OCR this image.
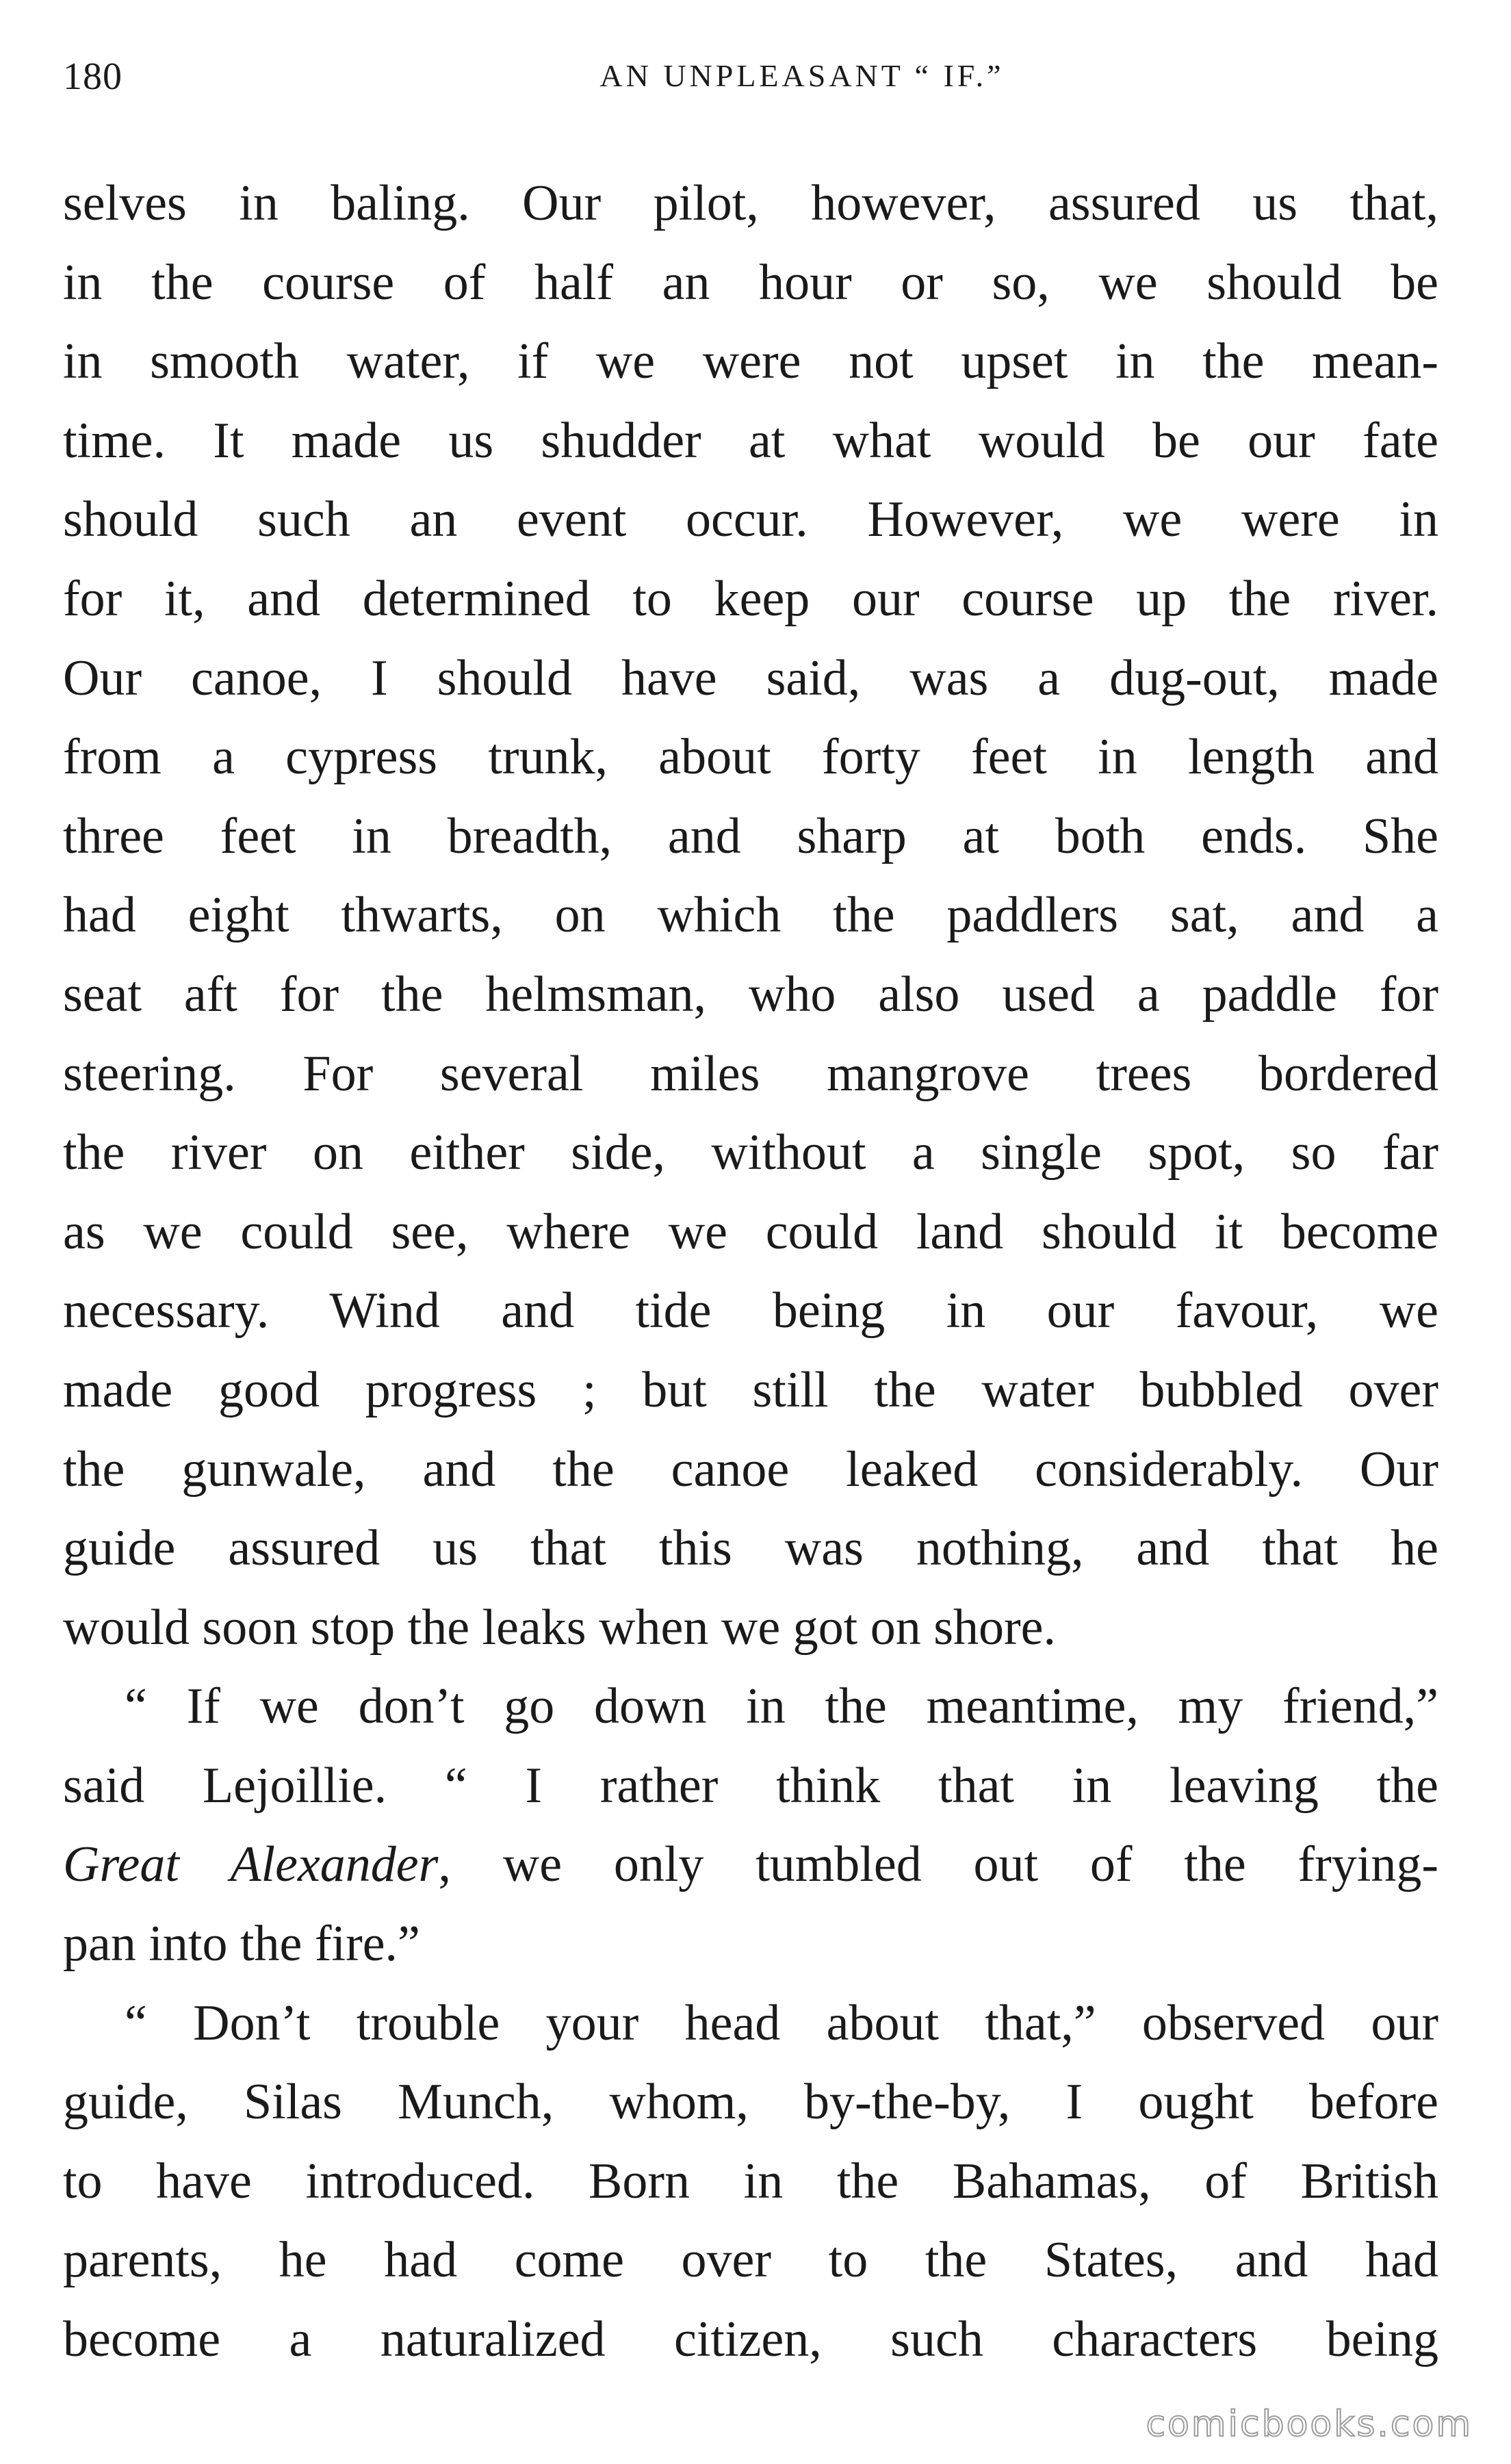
180	AN UNPLEASANT “ IF.”
selves in baling. Our pilot, however, assured us that,
in the course of half an hour or so, we should be
in smooth water, if we were not upset in the mean-
time. It made us shudder at what would be our fate
should such an event occur. However, we were in
for it, and determined to keep our course up the river.
Our canoe, I should have said, was a dug-out, made
from a cypress trunk, about forty feet in length and
three feet in breadth, and sharp at both ends. She
had eight thwarts, on which the paddlers sat, and a
seat aft for the helmsman, who also used a paddle for
steering. For several miles mangrove trees bordered
the river on either side, without a single spot, so far
as we could see, where we could land should it become
necessary. Wind and tide being in our favour, we
made good progress ; but still the water bubbled over
the gunwale, and the canoe leaked considerably. Our
guide assured us that this was nothing, and that he
would soon stop the leaks when we got on shore.
“ If we don’t go down in the meantime, my friend,”
said Lejoillie. “ I rather think that in leaving the
Great Alexander, we only tumbled out of the frying-
pan into the fire.”
“ Don’t trouble your head about that,” observed our
guide, Silas Munch, whom, by-the-by, I ought before
to have introduced. Born in the Bahamas, of British
parents, he had come over to the States, and had
become a naturalized citizen, such characters being
comicbooks.com
